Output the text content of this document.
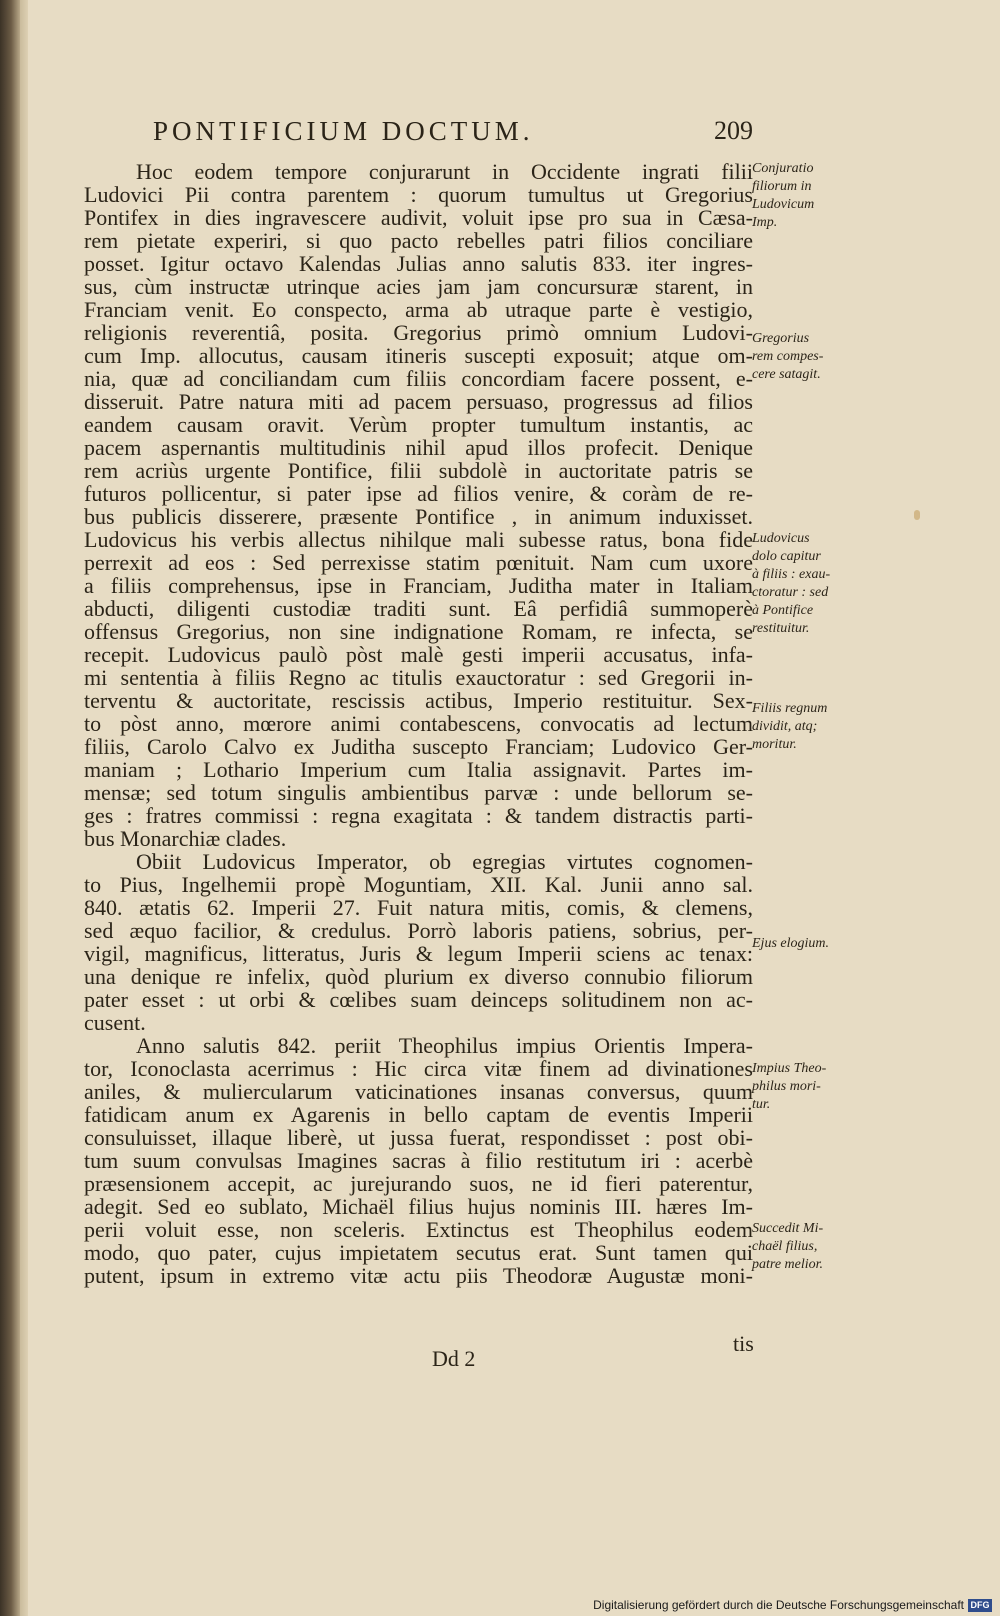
PONTIFICIUM DOCTUM.	209
Hoc eodem tempore conjurarunt in Occidente ingrati filii
Ludovici Pii contra parentem : quorum tumultus ut Gregorius
Pontifex in dies ingravescere audivit, voluit ipse pro sua in Cæsa-
rem pietate experiri, si quo pacto rebelles patri filios conciliare
posset. Igitur octavo Kalendas Julias anno salutis 833. iter ingres-
sus, cùm instructæ utrinque acies jam jam concursuræ starent, in
Franciam venit. Eo conspecto, arma ab utraque parte è vestigio,
religionis reverentiâ, posita. Gregorius primò omnium Ludovi-
cum Imp. allocutus, causam itineris suscepti exposuit; atque om-
nia, quæ ad conciliandam cum filiis concordiam facere possent, e-
disseruit. Patre natura miti ad pacem persuaso, progressus ad filios
eandem causam oravit. Verùm propter tumultum instantis, ac
pacem aspernantis multitudinis nihil apud illos profecit. Denique
rem acriùs urgente Pontifice, filii subdolè in auctoritate patris se
futuros pollicentur, si pater ipse ad filios venire, & coràm de re-
bus publicis disserere, præsente Pontifice , in animum induxisset.
Ludovicus his verbis allectus nihilque mali subesse ratus, bona fide
perrexit ad eos : Sed perrexisse statim pœnituit. Nam cum uxore
a filiis comprehensus, ipse in Franciam, Juditha mater in Italiam
abducti, diligenti custodiæ traditi sunt. Eâ perfidiâ summoperè
offensus Gregorius, non sine indignatione Romam, re infecta, se
recepit. Ludovicus paulò pòst malè gesti imperii accusatus, infa-
mi sententia à filiis Regno ac titulis exauctoratur : sed Gregorii in-
terventu & auctoritate, rescissis actibus, Imperio restituitur. Sex-
to pòst anno, mœrore animi contabescens, convocatis ad lectum
filiis, Carolo Calvo ex Juditha suscepto Franciam; Ludovico Ger-
maniam ; Lothario Imperium cum Italia assignavit. Partes im-
mensæ; sed totum singulis ambientibus parvæ : unde bellorum se-
ges : fratres commissi : regna exagitata : & tandem distractis parti-
bus Monarchiæ clades.
Obiit Ludovicus Imperator, ob egregias virtutes cognomen-
to Pius, Ingelhemii propè Moguntiam, XII. Kal. Junii anno sal.
840. ætatis 62. Imperii 27. Fuit natura mitis, comis, & clemens,
sed æquo facilior, & credulus. Porrò laboris patiens, sobrius, per-
vigil, magnificus, litteratus, Juris & legum Imperii sciens ac tenax:
una denique re infelix, quòd plurium ex diverso connubio filiorum
pater esset : ut orbi & cœlibes suam deinceps solitudinem non ac-
cusent.
Anno salutis 842. periit Theophilus impius Orientis Impera-
tor, Iconoclasta acerrimus : Hic circa vitæ finem ad divinationes
aniles, & muliercularum vaticinationes insanas conversus, quum
fatidicam anum ex Agarenis in bello captam de eventis Imperii
consuluisset, illaque liberè, ut jussa fuerat, respondisset : post obi-
tum suum convulsas Imagines sacras à filio restitutum iri : acerbè
præsensionem accepit, ac jurejurando suos, ne id fieri paterentur,
adegit. Sed eo sublato, Michaël filius hujus nominis III. hæres Im-
perii voluit esse, non sceleris. Extinctus est Theophilus eodem
modo, quo pater, cujus impietatem secutus erat. Sunt tamen qui
putent, ipsum in extremo vitæ actu piis Theodoræ Augustæ moni-
Dd 2
tis
Conjuratio
filiorum in
Ludovicum
Imp.
Gregorius
rem compes-
cere satagit.
Ludovicus
dolo capitur
à filiis : exau-
ctoratur : sed
à Pontifice
restituitur.
Filiis regnum
dividit, atq;
moritur.
Ejus elogium.
Impius Theo-
philus mori-
tur.
Succedit Mi-
chaël filius,
patre melior.
Digitalisierung gefördert durch die Deutsche Forschungsgemeinschaft DFG
